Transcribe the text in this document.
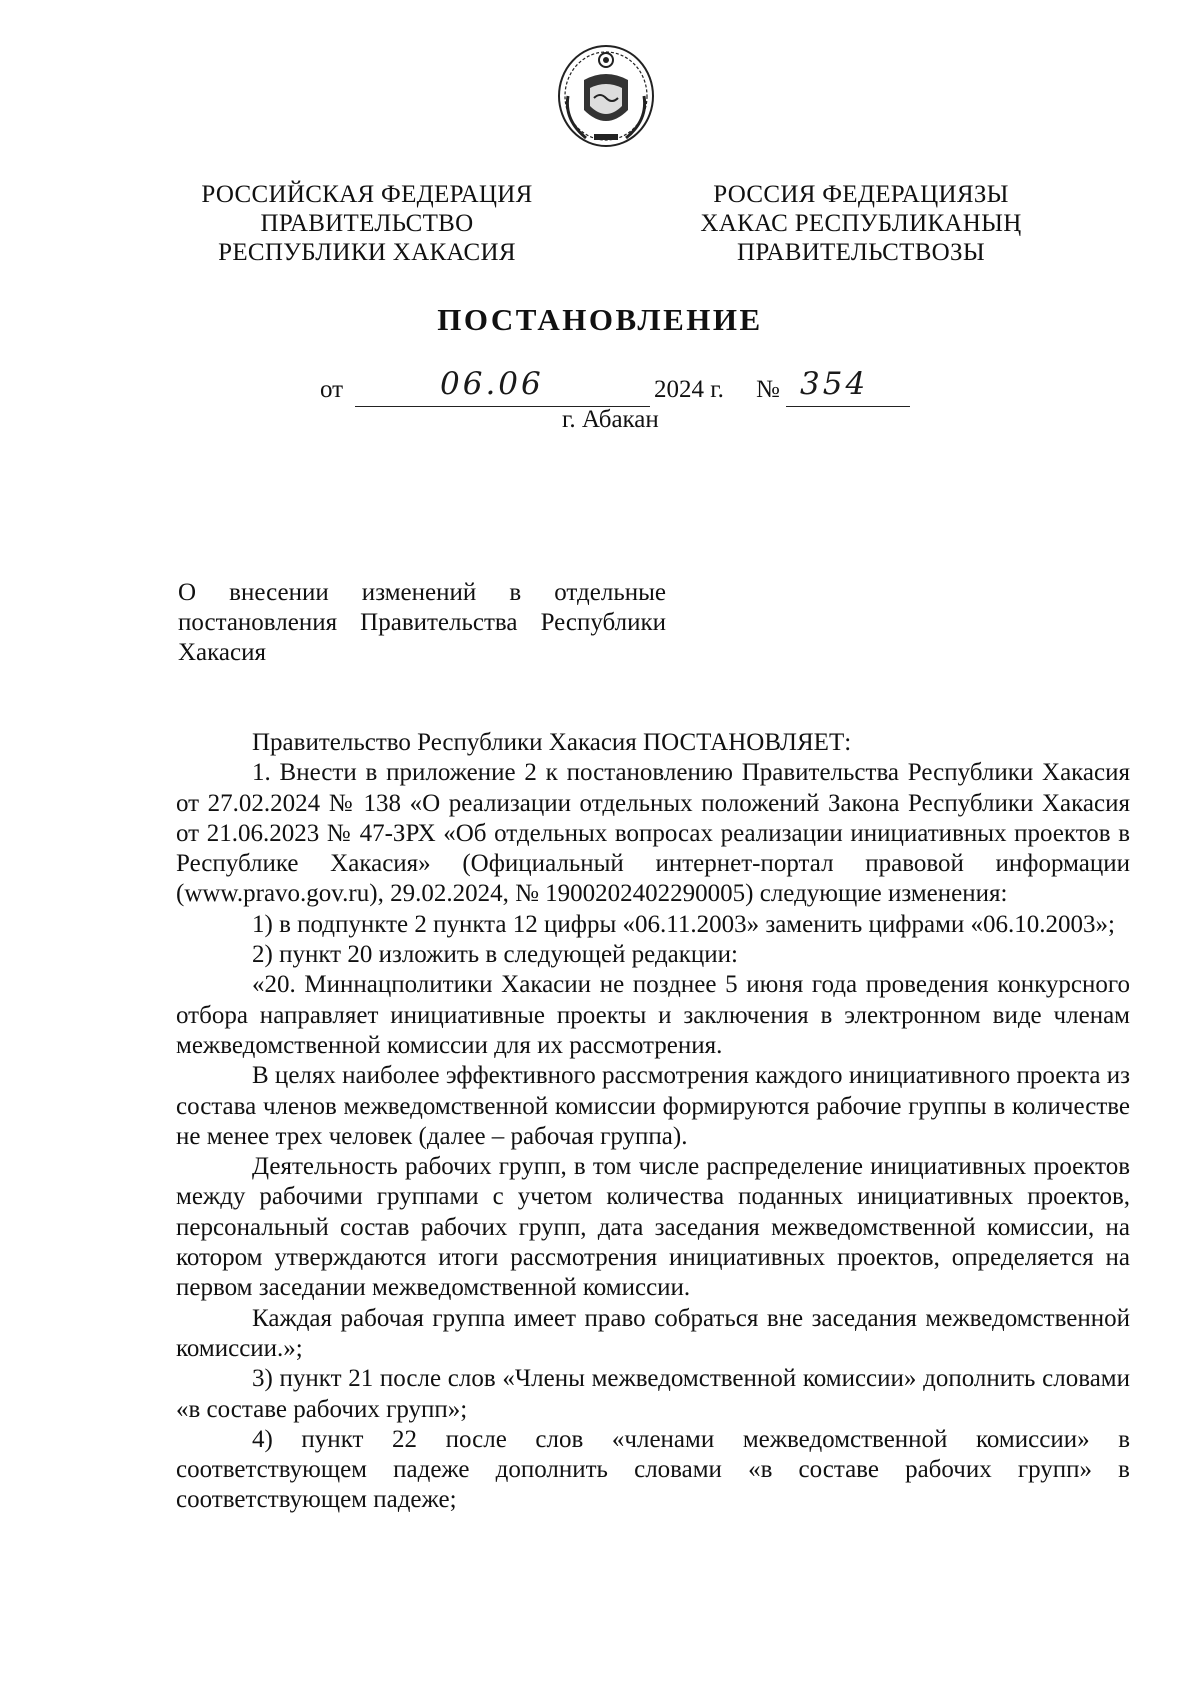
РОССИЙСКАЯ ФЕДЕРАЦИЯ
ПРАВИТЕЛЬСТВО
РЕСПУБЛИКИ ХАКАСИЯ
РОССИЯ ФЕДЕРАЦИЯЗЫ
ХАКАС РЕСПУБЛИКАНЫҢ
ПРАВИТЕЛЬСТВОЗЫ
ПОСТАНОВЛЕНИЕ
от	06.06	2024 г. № 354
г. Абакан
О внесении изменений в отдельные постановления Правительства Республики Хакасия

Правительство Республики Хакасия ПОСТАНОВЛЯЕТ:

1. Внести в приложение 2 к постановлению Правительства Республики Хакасия от 27.02.2024 № 138 «О реализации отдельных положений Закона Республики Хакасия от 21.06.2023 № 47-ЗРХ «Об отдельных вопросах реализации инициативных проектов в Республике Хакасия» (Официальный интернет-портал правовой информации (www.pravo.gov.ru), 29.02.2024, № 1900202402290005) следующие изменения:

1) в подпункте 2 пункта 12 цифры «06.11.2003» заменить цифрами «06.10.2003»;

2) пункт 20 изложить в следующей редакции:

«20. Миннацполитики Хакасии не позднее 5 июня года проведения конкурсного отбора направляет инициативные проекты и заключения в электронном виде членам межведомственной комиссии для их рассмотрения.

В целях наиболее эффективного рассмотрения каждого инициативного проекта из состава членов межведомственной комиссии формируются рабочие группы в количестве не менее трех человек (далее – рабочая группа).

Деятельность рабочих групп, в том числе распределение инициативных проектов между рабочими группами с учетом количества поданных инициативных проектов, персональный состав рабочих групп, дата заседания межведомственной комиссии, на котором утверждаются итоги рассмотрения инициативных проектов, определяется на первом заседании межведомственной комиссии.

Каждая рабочая группа имеет право собраться вне заседания межведомственной комиссии.»;

3) пункт 21 после слов «Члены межведомственной комиссии» дополнить словами «в составе рабочих групп»;

4) пункт 22 после слов «членами межведомственной комиссии» в соответствующем падеже дополнить словами «в составе рабочих групп» в соответствующем падеже;
